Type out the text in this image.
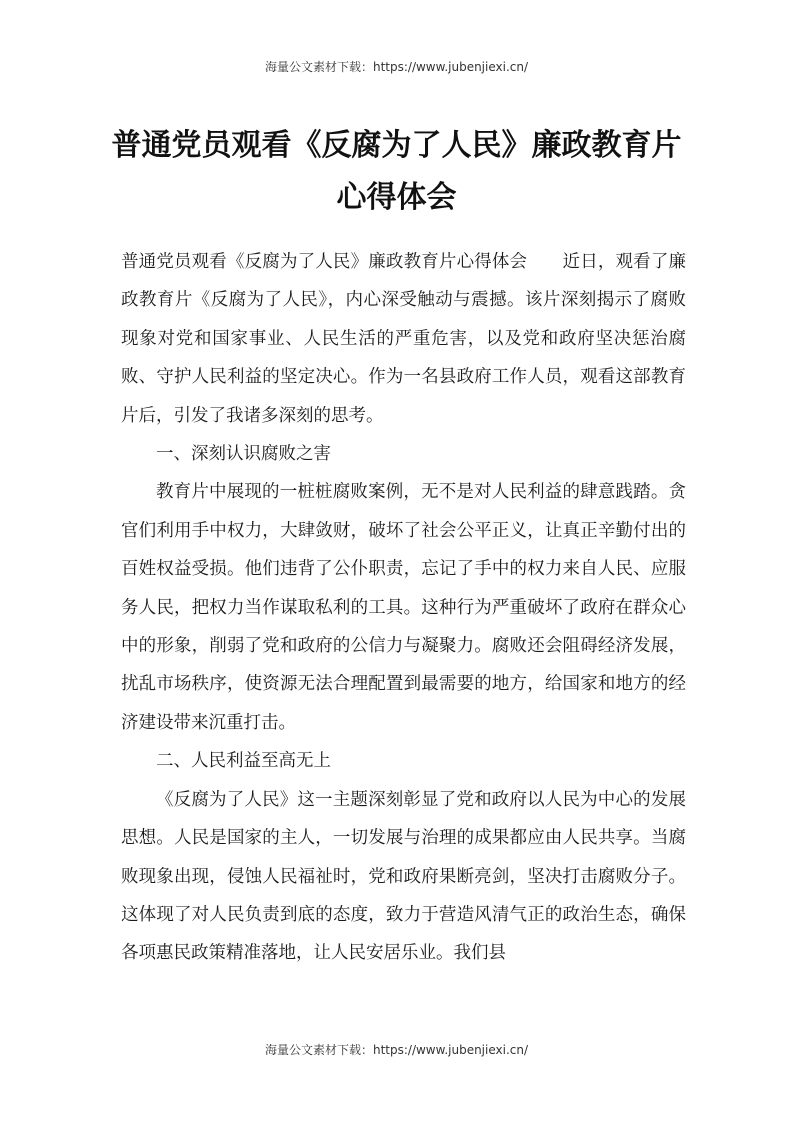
海量公文素材下载：https://www.jubenjiexi.cn/
普通党员观看《反腐为了人民》廉政教育片
心得体会

普通党员观看《反腐为了人民》廉政教育片心得体会　　近日，观看了廉政教育片《反腐为了人民》，内心深受触动与震撼。该片深刻揭示了腐败现象对党和国家事业、人民生活的严重危害，以及党和政府坚决惩治腐败、守护人民利益的坚定决心。作为一名县政府工作人员，观看这部教育片后，引发了我诸多深刻的思考。

一、深刻认识腐败之害

教育片中展现的一桩桩腐败案例，无不是对人民利益的肆意践踏。贪官们利用手中权力，大肆敛财，破坏了社会公平正义，让真正辛勤付出的百姓权益受损。他们违背了公仆职责，忘记了手中的权力来自人民、应服务人民，把权力当作谋取私利的工具。这种行为严重破坏了政府在群众心中的形象，削弱了党和政府的公信力与凝聚力。腐败还会阻碍经济发展，扰乱市场秩序，使资源无法合理配置到最需要的地方，给国家和地方的经济建设带来沉重打击。

二、人民利益至高无上

《反腐为了人民》这一主题深刻彰显了党和政府以人民为中心的发展思想。人民是国家的主人，一切发展与治理的成果都应由人民共享。当腐败现象出现，侵蚀人民福祉时，党和政府果断亮剑，坚决打击腐败分子。这体现了对人民负责到底的态度，致力于营造风清气正的政治生态，确保各项惠民政策精准落地，让人民安居乐业。我们县

海量公文素材下载：https://www.jubenjiexi.cn/
